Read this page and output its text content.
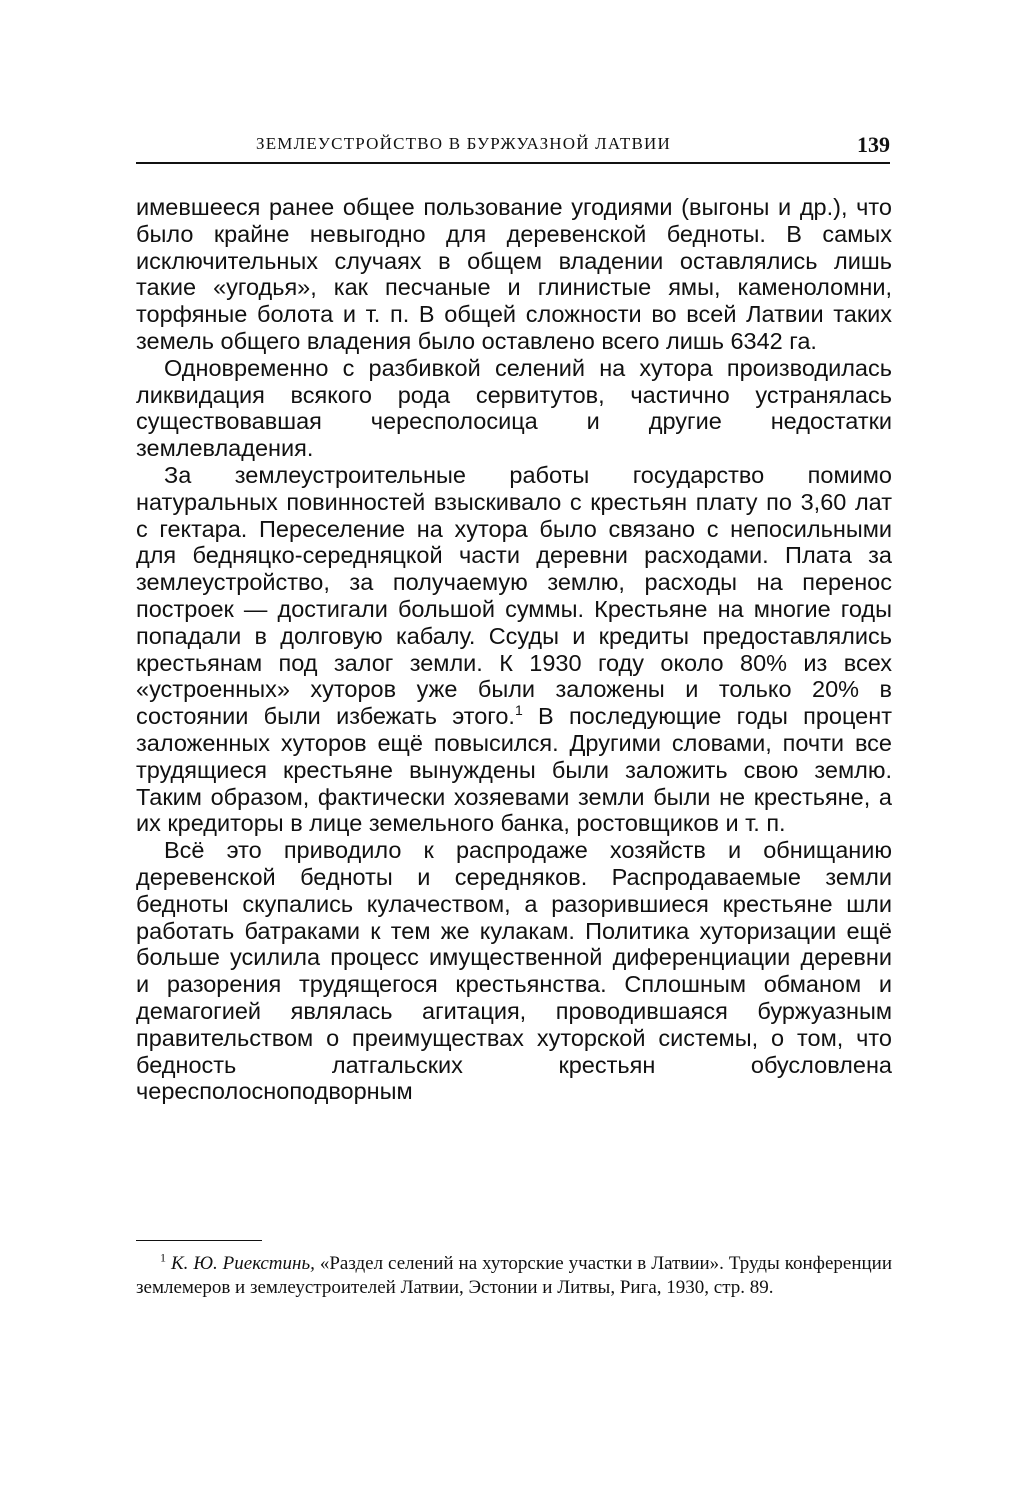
ЗЕМЛЕУСТРОЙСТВО В БУРЖУАЗНОЙ ЛАТВИИ	139

имевшееся ранее общее пользование угодиями (выгоны и др.), что было крайне невыгодно для деревенской бедноты. В самых исключительных случаях в общем владении оставлялись лишь такие «угодья», как песчаные и глинистые ямы, каменоломни, торфяные болота и т. п. В общей сложности во всей Латвии таких земель общего владения было оставлено всего лишь 6342 га.

Одновременно с разбивкой селений на хутора производилась ликвидация всякого рода сервитутов, частично устранялась существовавшая чересполосица и другие недостатки землевладения.

За землеустроительные работы государство помимо натуральных повинностей взыскивало с крестьян плату по 3,60 лат с гектара. Переселение на хутора было связано с непосильными для бедняцко-середняцкой части деревни расходами. Плата за землеустройство, за получаемую землю, расходы на перенос построек — достигали большой суммы. Крестьяне на многие годы попадали в долговую кабалу. Ссуды и кредиты предоставлялись крестьянам под залог земли. К 1930 году около 80% из всех «устроенных» хуторов уже были заложены и только 20% в состоянии были избежать этого.$^1$ В последующие годы процент заложенных хуторов ещё повысился. Другими словами, почти все трудящиеся крестьяне вынуждены были заложить свою землю. Таким образом, фактически хозяевами земли были не крестьяне, а их кредиторы в лице земельного банка, ростовщиков и т. п.

Всё это приводило к распродаже хозяйств и обнищанию деревенской бедноты и середняков. Распродаваемые земли бедноты скупались кулачеством, а разорившиеся крестьяне шли работать батраками к тем же кулакам. Политика хуторизации ещё больше усилила процесс имущественной диференциации деревни и разорения трудящегося крестьянства. Сплошным обманом и демагогией являлась агитация, проводившаяся буржуазным правительством о преимуществах хуторской системы, о том, что бедность латгальских крестьян обусловлена чересполосноподворным

$^1$ К. Ю. Риекстинь, «Раздел селений на хуторские участки в Латвии». Труды конференции землемеров и землеустроителей Латвии, Эстонии и Литвы, Рига, 1930, стр. 89.
